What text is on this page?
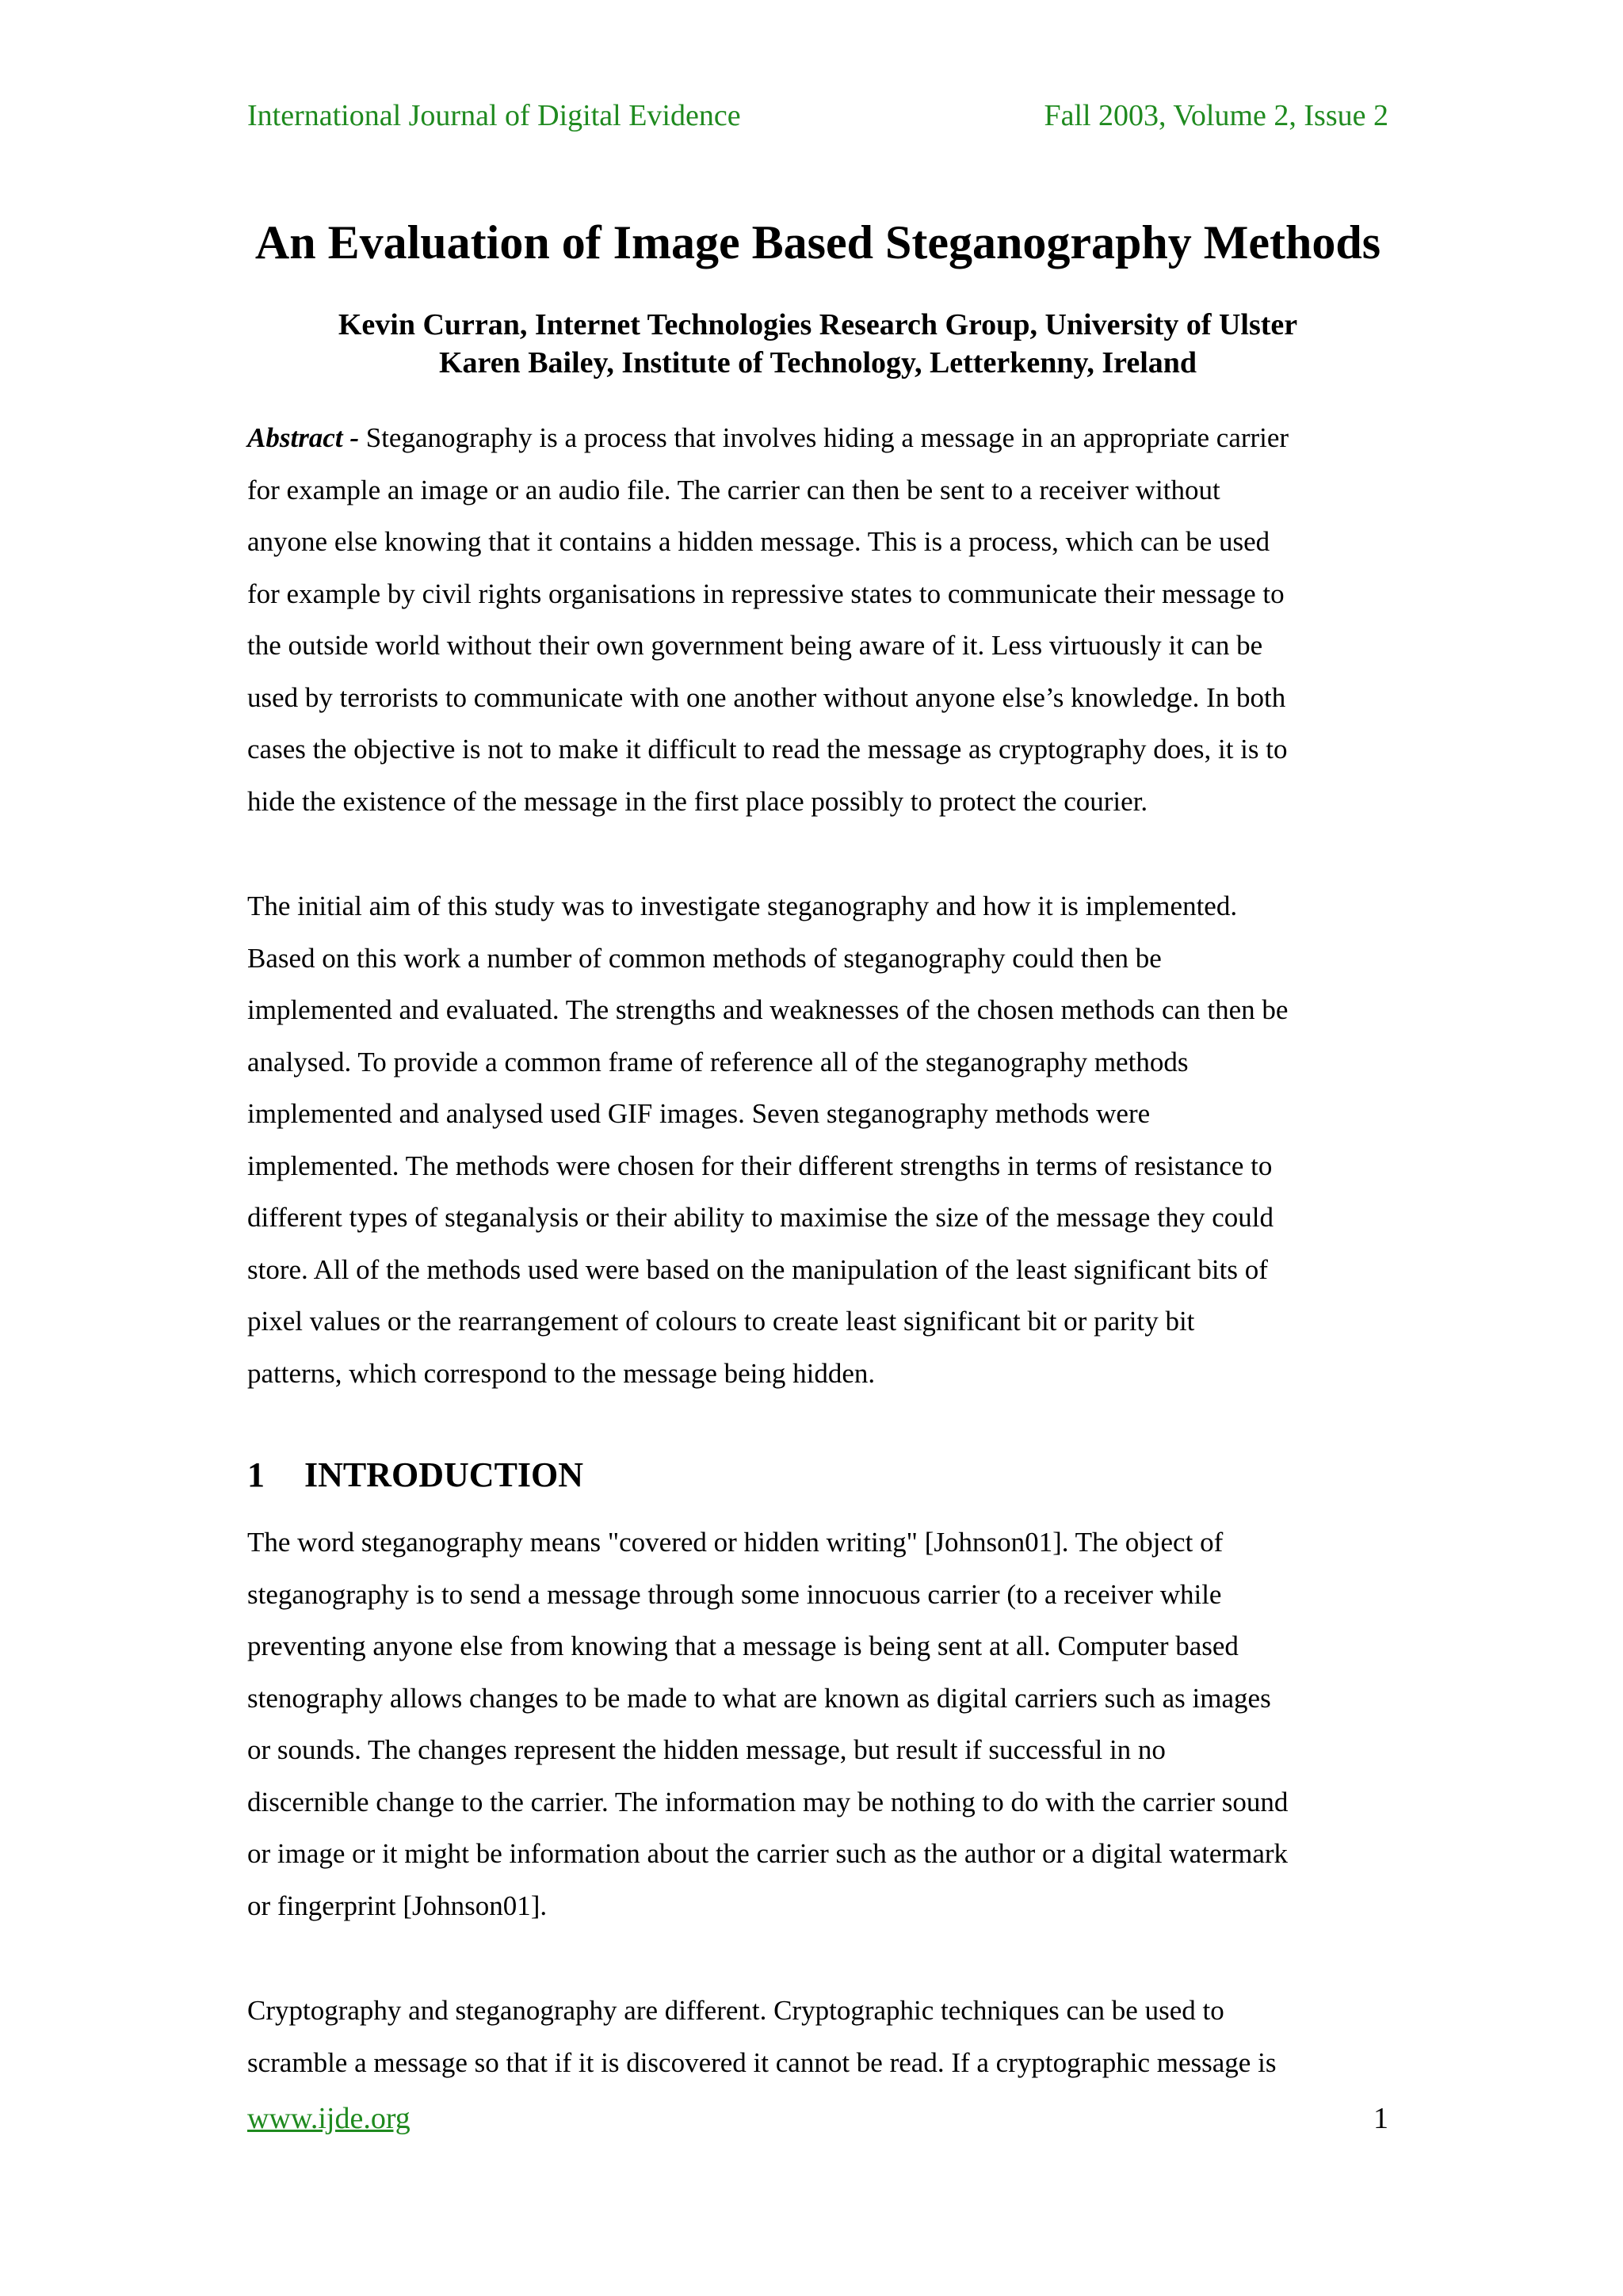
International Journal of Digital Evidence	Fall 2003, Volume 2, Issue 2
An Evaluation of Image Based Steganography Methods
Kevin Curran, Internet Technologies Research Group, University of Ulster
Karen Bailey, Institute of Technology, Letterkenny, Ireland
Abstract - Steganography is a process that involves hiding a message in an appropriate carrier
for example an image or an audio file. The carrier can then be sent to a receiver without
anyone else knowing that it contains a hidden message. This is a process, which can be used
for example by civil rights organisations in repressive states to communicate their message to
the outside world without their own government being aware of it. Less virtuously it can be
used by terrorists to communicate with one another without anyone else’s knowledge. In both
cases the objective is not to make it difficult to read the message as cryptography does, it is to
hide the existence of the message in the first place possibly to protect the courier.
The initial aim of this study was to investigate steganography and how it is implemented.
Based on this work a number of common methods of steganography could then be
implemented and evaluated. The strengths and weaknesses of the chosen methods can then be
analysed. To provide a common frame of reference all of the steganography methods
implemented and analysed used GIF images. Seven steganography methods were
implemented. The methods were chosen for their different strengths in terms of resistance to
different types of steganalysis or their ability to maximise the size of the message they could
store. All of the methods used were based on the manipulation of the least significant bits of
pixel values or the rearrangement of colours to create least significant bit or parity bit
patterns, which correspond to the message being hidden.
1 INTRODUCTION
The word steganography means "covered or hidden writing" [Johnson01]. The object of
steganography is to send a message through some innocuous carrier (to a receiver while
preventing anyone else from knowing that a message is being sent at all. Computer based
stenography allows changes to be made to what are known as digital carriers such as images
or sounds. The changes represent the hidden message, but result if successful in no
discernible change to the carrier. The information may be nothing to do with the carrier sound
or image or it might be information about the carrier such as the author or a digital watermark
or fingerprint [Johnson01].
Cryptography and steganography are different. Cryptographic techniques can be used to
scramble a message so that if it is discovered it cannot be read. If a cryptographic message is
www.ijde.org	1
